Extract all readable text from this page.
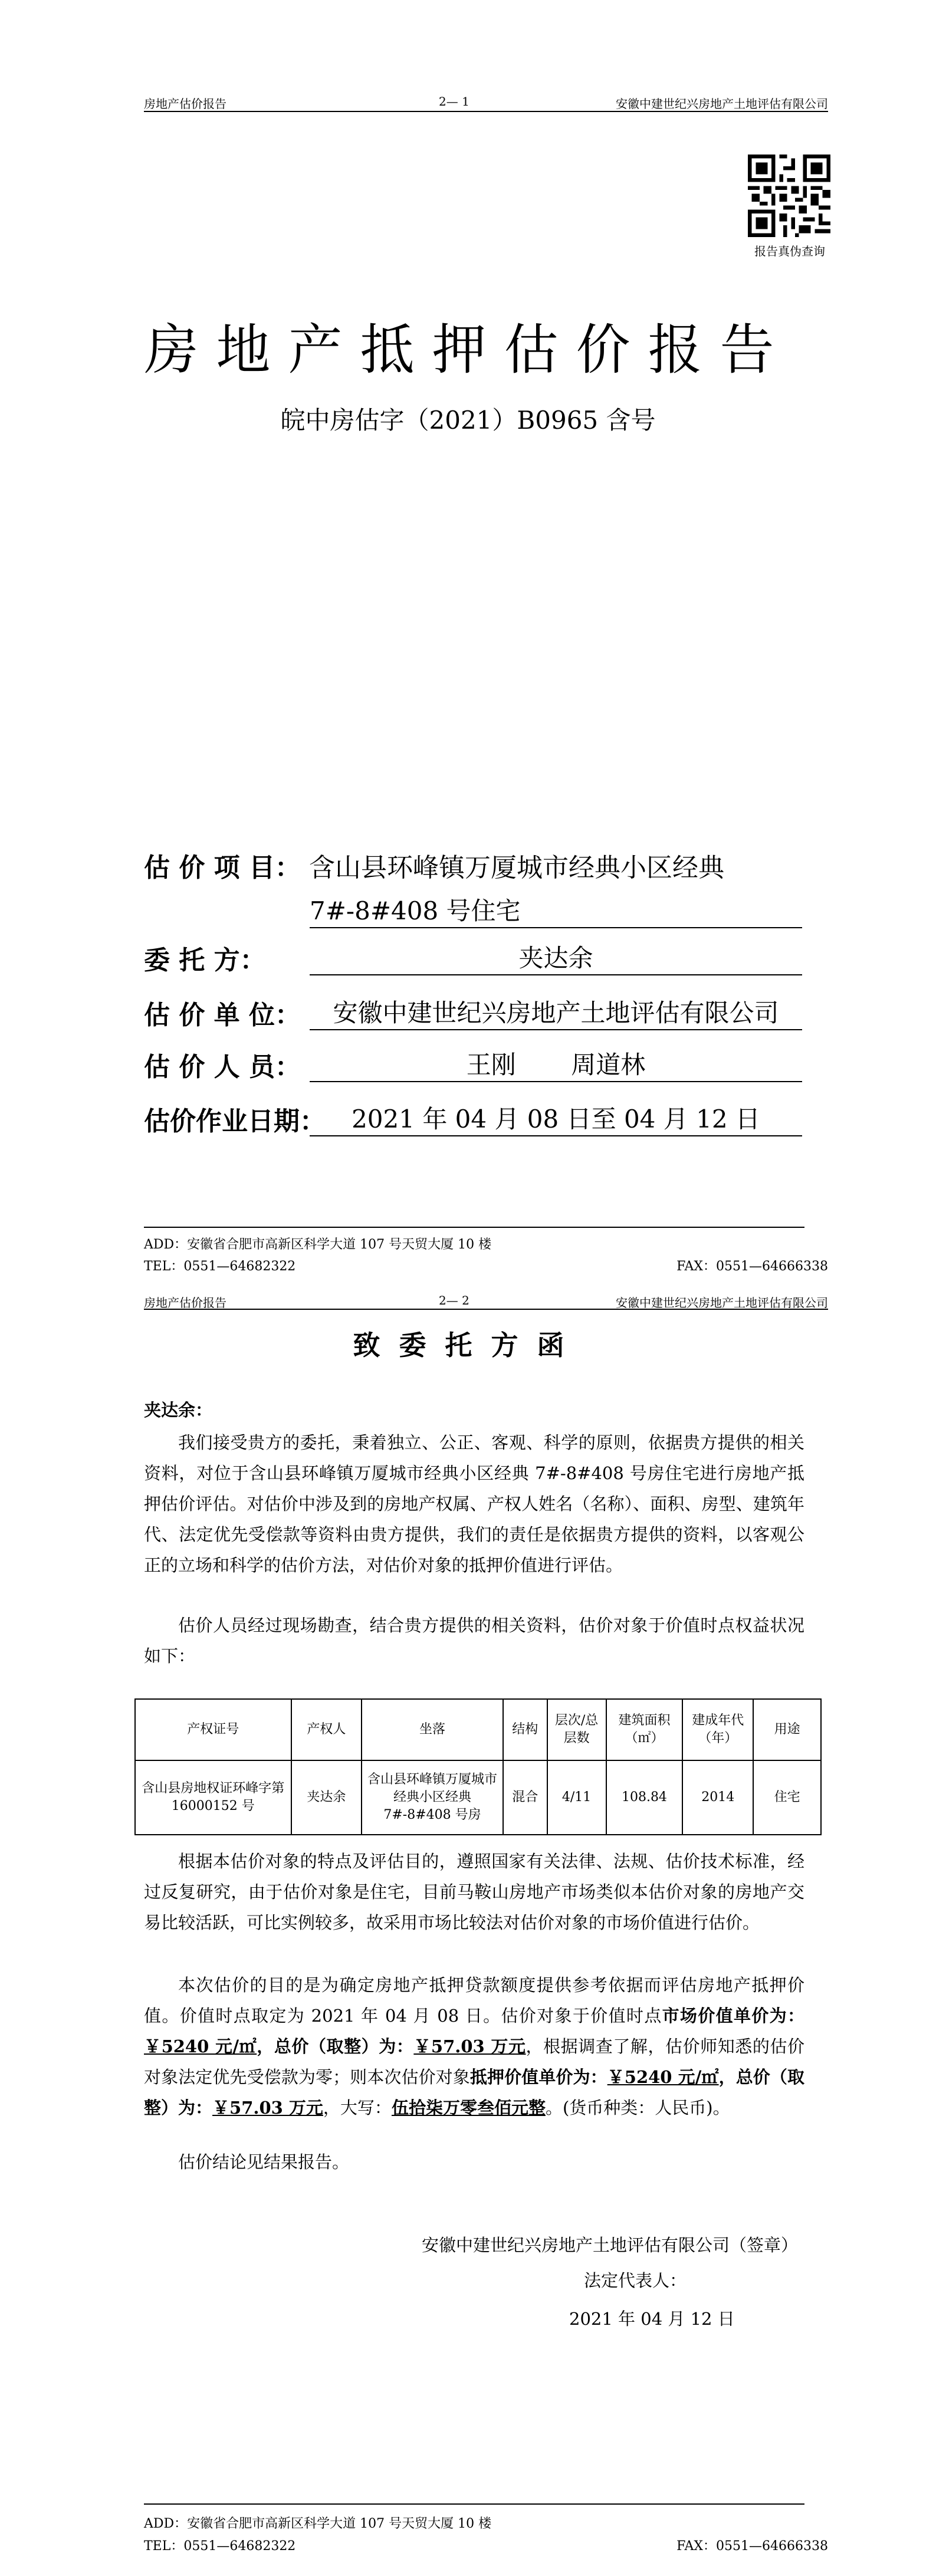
房地产估价报告	2— 1	安徽中建世纪兴房地产土地评估有限公司
报告真伪查询
房地产抵押估价报告
皖中房估字（2021）B0965 含号
估 价 项 目： 含山县环峰镇万厦城市经典小区经典
7#-8#408 号住宅
委 托 方：	夹达余
估 价 单 位：	安徽中建世纪兴房地产土地评估有限公司
估 价 人 员：	王刚       周道林
估价作业日期：	2021 年 04 月 08 日至 04 月 12 日
ADD：安徽省合肥市高新区科学大道 107 号天贸大厦 10 楼
TEL：0551—64682322	FAX：0551—64666338
房地产估价报告	2— 2	安徽中建世纪兴房地产土地评估有限公司
致委托方函
夹达余：
我们接受贵方的委托，秉着独立、公正、客观、科学的原则，依据贵方提供的相关资料，对位于含山县环峰镇万厦城市经典小区经典 7#-8#408 号房住宅进行房地产抵押估价评估。对估价中涉及到的房地产权属、产权人姓名（名称）、面积、房型、建筑年代、法定优先受偿款等资料由贵方提供，我们的责任是依据贵方提供的资料，以客观公正的立场和科学的估价方法，对估价对象的抵押价值进行评估。
估价人员经过现场勘查，结合贵方提供的相关资料，估价对象于价值时点权益状况如下：
产权证号	产权人	坐落	结构	层次/总层数	建筑面积（㎡）	建成年代（年）	用途
含山县房地权证环峰字第 16000152 号	夹达余	含山县环峰镇万厦城市经典小区经典7#-8#408 号房	混合	4/11	108.84	2014	住宅
根据本估价对象的特点及评估目的，遵照国家有关法律、法规、估价技术标准，经过反复研究，由于估价对象是住宅，目前马鞍山房地产市场类似本估价对象的房地产交易比较活跃，可比实例较多，故采用市场比较法对估价对象的市场价值进行估价。
本次估价的目的是为确定房地产抵押贷款额度提供参考依据而评估房地产抵押价值。价值时点取定为 2021 年 04 月 08 日。估价对象于价值时点市场价值单价为：￥5240 元/㎡，总价（取整）为：￥57.03 万元，根据调查了解，估价师知悉的估价对象法定优先受偿款为零；则本次估价对象抵押价值单价为：￥5240 元/㎡，总价（取整）为：￥57.03 万元，大写：伍拾柒万零叁佰元整。(货币种类：人民币)。
估价结论见结果报告。
安徽中建世纪兴房地产土地评估有限公司（签章）
法定代表人：
2021 年 04 月 12 日
ADD：安徽省合肥市高新区科学大道 107 号天贸大厦 10 楼
TEL：0551—64682322	FAX：0551—64666338
